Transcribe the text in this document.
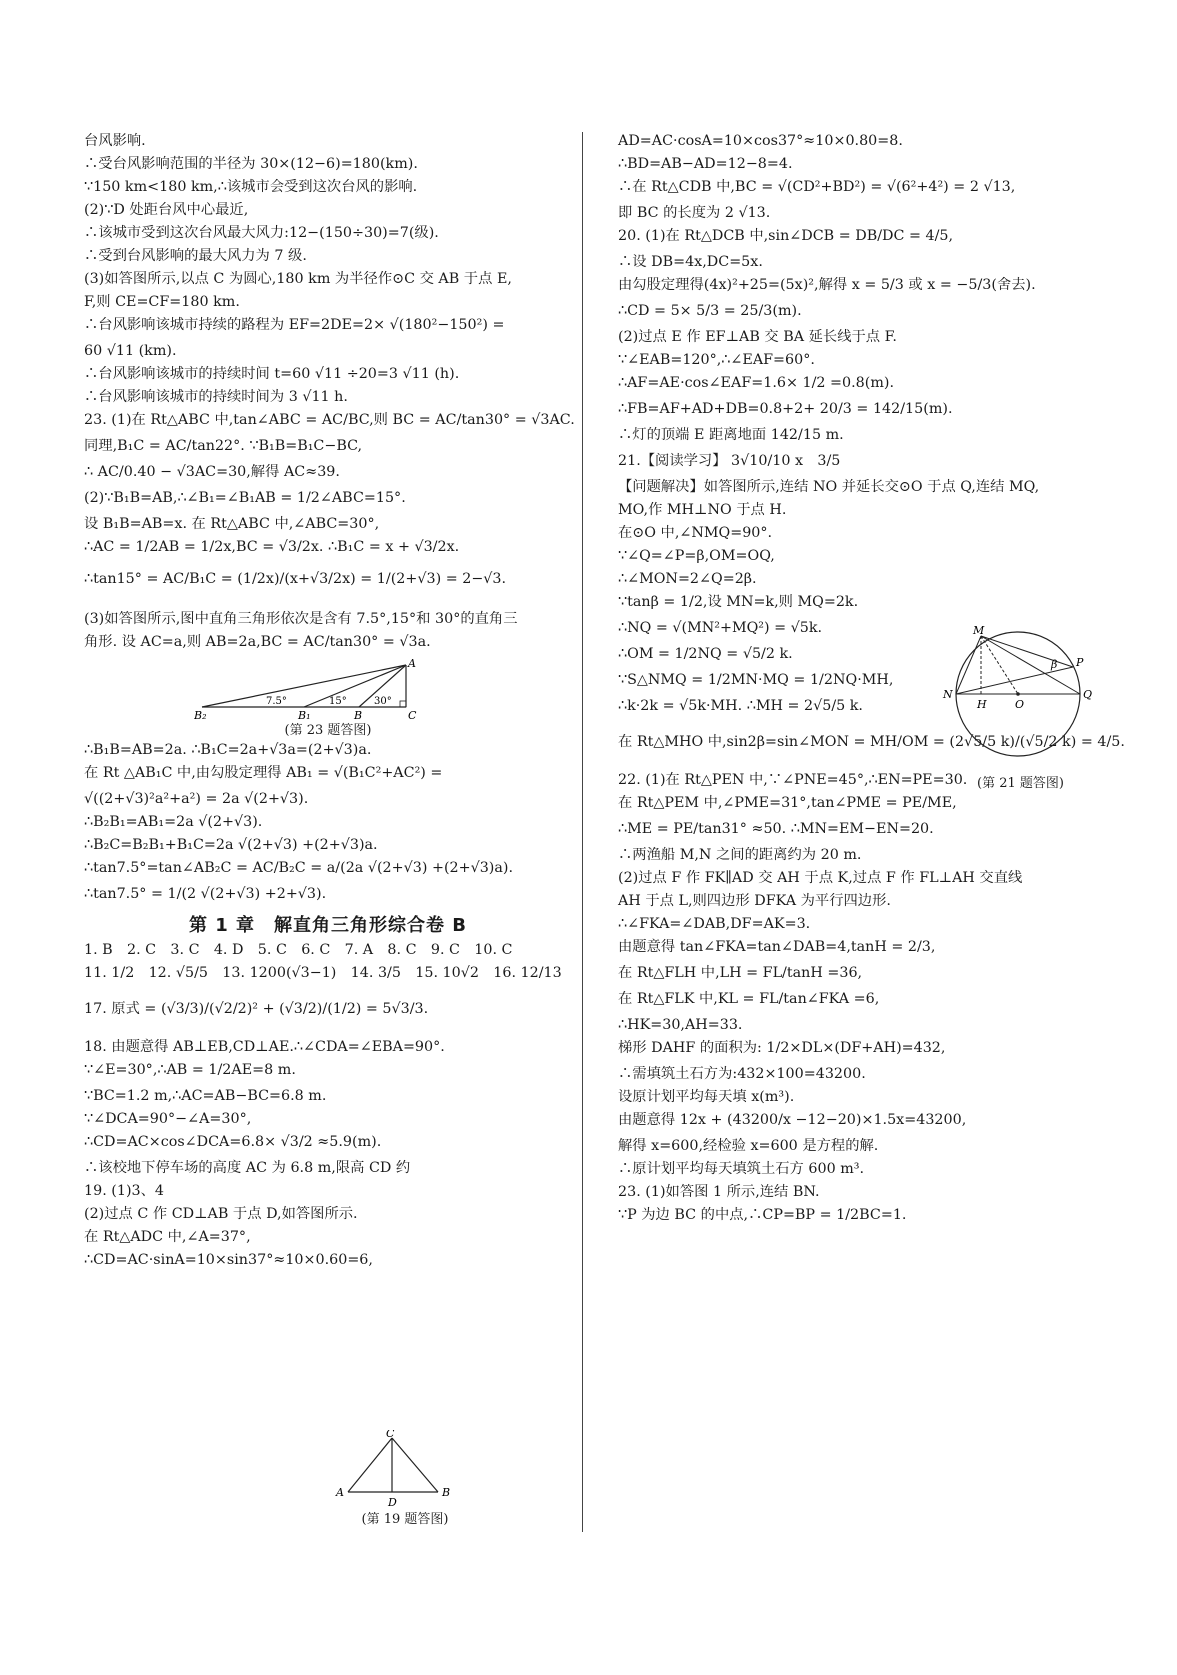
台风影响.
∴受台风影响范围的半径为 30×(12−6)=180(km).
∵150 km<180 km,∴该城市会受到这次台风的影响.
(2)∵D 处距台风中心最近,
∴该城市受到这次台风最大风力:12−(150÷30)=7(级).
∴受到台风影响的最大风力为 7 级.
(3)如答图所示,以点 C 为圆心,180 km 为半径作⊙C 交 AB 于点 E,
F,则 CE=CF=180 km.
∴台风影响该城市持续的路程为 EF=2DE=2× √(180²−150²) =
60 √11 (km).
∴台风影响该城市的持续时间 t=60 √11 ÷20=3 √11 (h).
∴台风影响该城市的持续时间为 3 √11 h.
23. (1)在 Rt△ABC 中,tan∠ABC = AC/BC,则 BC = AC/tan30° = √3AC.
同理,B₁C = AC/tan22°. ∵B₁B=B₁C−BC,
∴ AC/0.40 − √3AC=30,解得 AC≈39.
(2)∵B₁B=AB,∴∠B₁=∠B₁AB = 1/2∠ABC=15°.
设 B₁B=AB=x. 在 Rt△ABC 中,∠ABC=30°,
∴AC = 1/2AB = 1/2x,BC = √3/2x. ∴B₁C = x + √3/2x.
∴tan15° = AC/B₁C = (1/2x)/(x+√3/2x) = 1/(2+√3) = 2−√3.
(3)如答图所示,图中直角三角形依次是含有 7.5°,15°和 30°的直角三
角形. 设 AC=a,则 AB=2a,BC = AC/tan30° = √3a.
A
B₂	B₁	B	C
7.5°	15°	30°
(第 23 题答图)
∴B₁B=AB=2a. ∴B₁C=2a+√3a=(2+√3)a.
在 Rt △AB₁C 中,由勾股定理得 AB₁ = √(B₁C²+AC²) =
√((2+√3)²a²+a²) = 2a √(2+√3).
∴B₂B₁=AB₁=2a √(2+√3).
∴B₂C=B₂B₁+B₁C=2a √(2+√3) +(2+√3)a.
∴tan7.5°=tan∠AB₂C = AC/B₂C = a/(2a √(2+√3) +(2+√3)a).
∴tan7.5° = 1/(2 √(2+√3) +2+√3).
第 1 章　解直角三角形综合卷 B
1. B　2. C　3. C　4. D　5. C　6. C　7. A　8. C　9. C　10. C
11. 1/2　12. √5/5　13. 1200(√3−1)　14. 3/5　15. 10√2　16. 12/13
17. 原式 = (√3/3)/(√2/2)² + (√3/2)/(1/2) = 5√3/3.
18. 由题意得 AB⊥EB,CD⊥AE.∴∠CDA=∠EBA=90°.
∵∠E=30°,∴AB = 1/2AE=8 m.
∵BC=1.2 m,∴AC=AB−BC=6.8 m.
∵∠DCA=90°−∠A=30°,
∴CD=AC×cos∠DCA=6.8× √3/2 ≈5.9(m).
∴该校地下停车场的高度 AC 为 6.8 m,限高 CD 约
19. (1)3、4
(2)过点 C 作 CD⊥AB 于点 D,如答图所示.
在 Rt△ADC 中,∠A=37°,
∴CD=AC·sinA=10×sin37°≈10×0.60=6,
C
A	B
D
(第 19 题答图)
AD=AC·cosA=10×cos37°≈10×0.80=8.
∴BD=AB−AD=12−8=4.
∴在 Rt△CDB 中,BC = √(CD²+BD²) = √(6²+4²) = 2 √13,
即 BC 的长度为 2 √13.
20. (1)在 Rt△DCB 中,sin∠DCB = DB/DC = 4/5,
∴设 DB=4x,DC=5x.
由勾股定理得(4x)²+25=(5x)²,解得 x = 5/3 或 x = −5/3(舍去).
∴CD = 5× 5/3 = 25/3(m).
(2)过点 E 作 EF⊥AB 交 BA 延长线于点 F.
∵∠EAB=120°,∴∠EAF=60°.
∴AF=AE·cos∠EAF=1.6× 1/2 =0.8(m).
∴FB=AF+AD+DB=0.8+2+ 20/3 = 142/15(m).
∴灯的顶端 E 距离地面 142/15 m.
21.【阅读学习】 3√10/10 x　3/5
【问题解决】如答图所示,连结 NO 并延长交⊙O 于点 Q,连结 MQ,
MO,作 MH⊥NO 于点 H.
在⊙O 中,∠NMQ=90°.
∵∠Q=∠P=β,OM=OQ,
∴∠MON=2∠Q=2β.
∵tanβ = 1/2,设 MN=k,则 MQ=2k.
∴NQ = √(MN²+MQ²) = √5k.
∴OM = 1/2NQ = √5/2 k.
∵S△NMQ = 1/2MN·MQ = 1/2NQ·MH,
∴k·2k = √5k·MH. ∴MH = 2√5/5 k.
在 Rt△MHO 中,sin2β=sin∠MON = MH/OM = (2√5/5 k)/(√5/2 k) = 4/5.
22. (1)在 Rt△PEN 中,∵∠PNE=45°,∴EN=PE=30.
在 Rt△PEM 中,∠PME=31°,tan∠PME = PE/ME,
∴ME = PE/tan31° ≈50. ∴MN=EM−EN=20.
∴两渔船 M,N 之间的距离约为 20 m.
(2)过点 F 作 FK∥AD 交 AH 于点 K,过点 F 作 FL⊥AH 交直线
AH 于点 L,则四边形 DFKA 为平行四边形.
∴∠FKA=∠DAB,DF=AK=3.
由题意得 tan∠FKA=tan∠DAB=4,tanH = 2/3,
在 Rt△FLH 中,LH = FL/tanH =36,
在 Rt△FLK 中,KL = FL/tan∠FKA =6,
∴HK=30,AH=33.
梯形 DAHF 的面积为: 1/2×DL×(DF+AH)=432,
∴需填筑土石方为:432×100=43200.
设原计划平均每天填 x(m³).
由题意得 12x + (43200/x −12−20)×1.5x=43200,
解得 x=600,经检验 x=600 是方程的解.
∴原计划平均每天填筑土石方 600 m³.
23. (1)如答图 1 所示,连结 BN.
∵P 为边 BC 的中点,∴CP=BP = 1/2BC=1.
M
N
H	O
P
Q
β
(第 21 题答图)
